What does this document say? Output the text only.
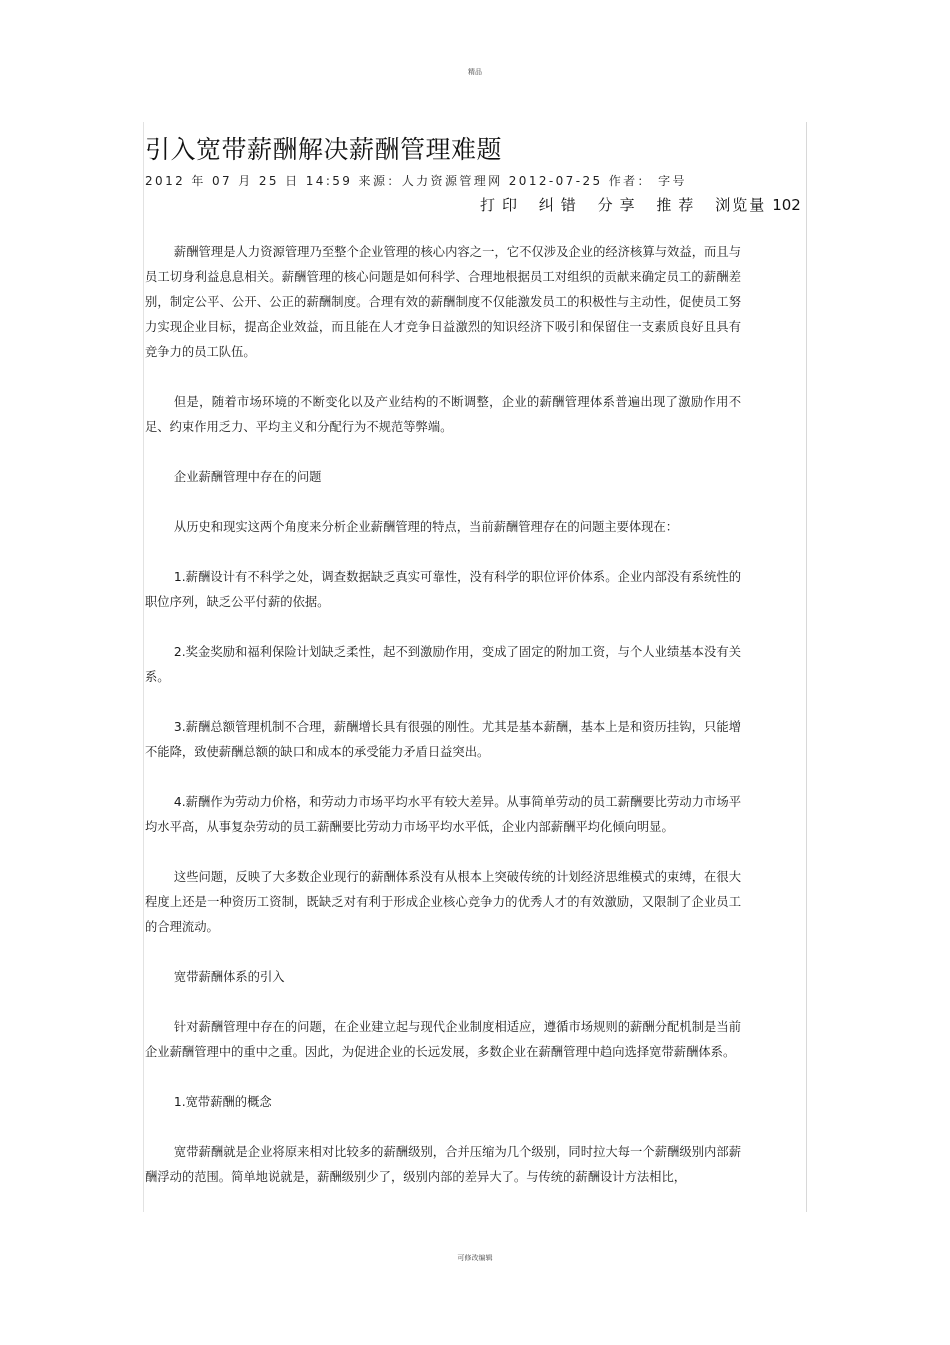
精品
引入宽带薪酬解决薪酬管理难题
2012 年 07 月 25 日 14:59 来源：人力资源管理网 2012-07-25 作者： 字号
打印 纠错 分享 推荐 浏览量 102

薪酬管理是人力资源管理乃至整个企业管理的核心内容之一，它不仅涉及企业的经济核算与效益，而且与员工切身利益息息相关。薪酬管理的核心问题是如何科学、合理地根据员工对组织的贡献来确定员工的薪酬差别，制定公平、公开、公正的薪酬制度。合理有效的薪酬制度不仅能激发员工的积极性与主动性，促使员工努力实现企业目标，提高企业效益，而且能在人才竞争日益激烈的知识经济下吸引和保留住一支素质良好且具有竞争力的员工队伍。

但是，随着市场环境的不断变化以及产业结构的不断调整，企业的薪酬管理体系普遍出现了激励作用不足、约束作用乏力、平均主义和分配行为不规范等弊端。

企业薪酬管理中存在的问题

从历史和现实这两个角度来分析企业薪酬管理的特点，当前薪酬管理存在的问题主要体现在：

1.薪酬设计有不科学之处，调查数据缺乏真实可靠性，没有科学的职位评价体系。企业内部没有系统性的职位序列，缺乏公平付薪的依据。

2.奖金奖励和福利保险计划缺乏柔性，起不到激励作用，变成了固定的附加工资，与个人业绩基本没有关系。

3.薪酬总额管理机制不合理，薪酬增长具有很强的刚性。尤其是基本薪酬，基本上是和资历挂钩，只能增不能降，致使薪酬总额的缺口和成本的承受能力矛盾日益突出。

4.薪酬作为劳动力价格，和劳动力市场平均水平有较大差异。从事简单劳动的员工薪酬要比劳动力市场平均水平高，从事复杂劳动的员工薪酬要比劳动力市场平均水平低，企业内部薪酬平均化倾向明显。

这些问题，反映了大多数企业现行的薪酬体系没有从根本上突破传统的计划经济思维模式的束缚，在很大程度上还是一种资历工资制，既缺乏对有利于形成企业核心竞争力的优秀人才的有效激励，又限制了企业员工的合理流动。

宽带薪酬体系的引入

针对薪酬管理中存在的问题，在企业建立起与现代企业制度相适应，遵循市场规则的薪酬分配机制是当前企业薪酬管理中的重中之重。因此，为促进企业的长远发展，多数企业在薪酬管理中趋向选择宽带薪酬体系。

1.宽带薪酬的概念

宽带薪酬就是企业将原来相对比较多的薪酬级别，合并压缩为几个级别，同时拉大每一个薪酬级别内部薪酬浮动的范围。简单地说就是，薪酬级别少了，级别内部的差异大了。与传统的薪酬设计方法相比，

可修改编辑
